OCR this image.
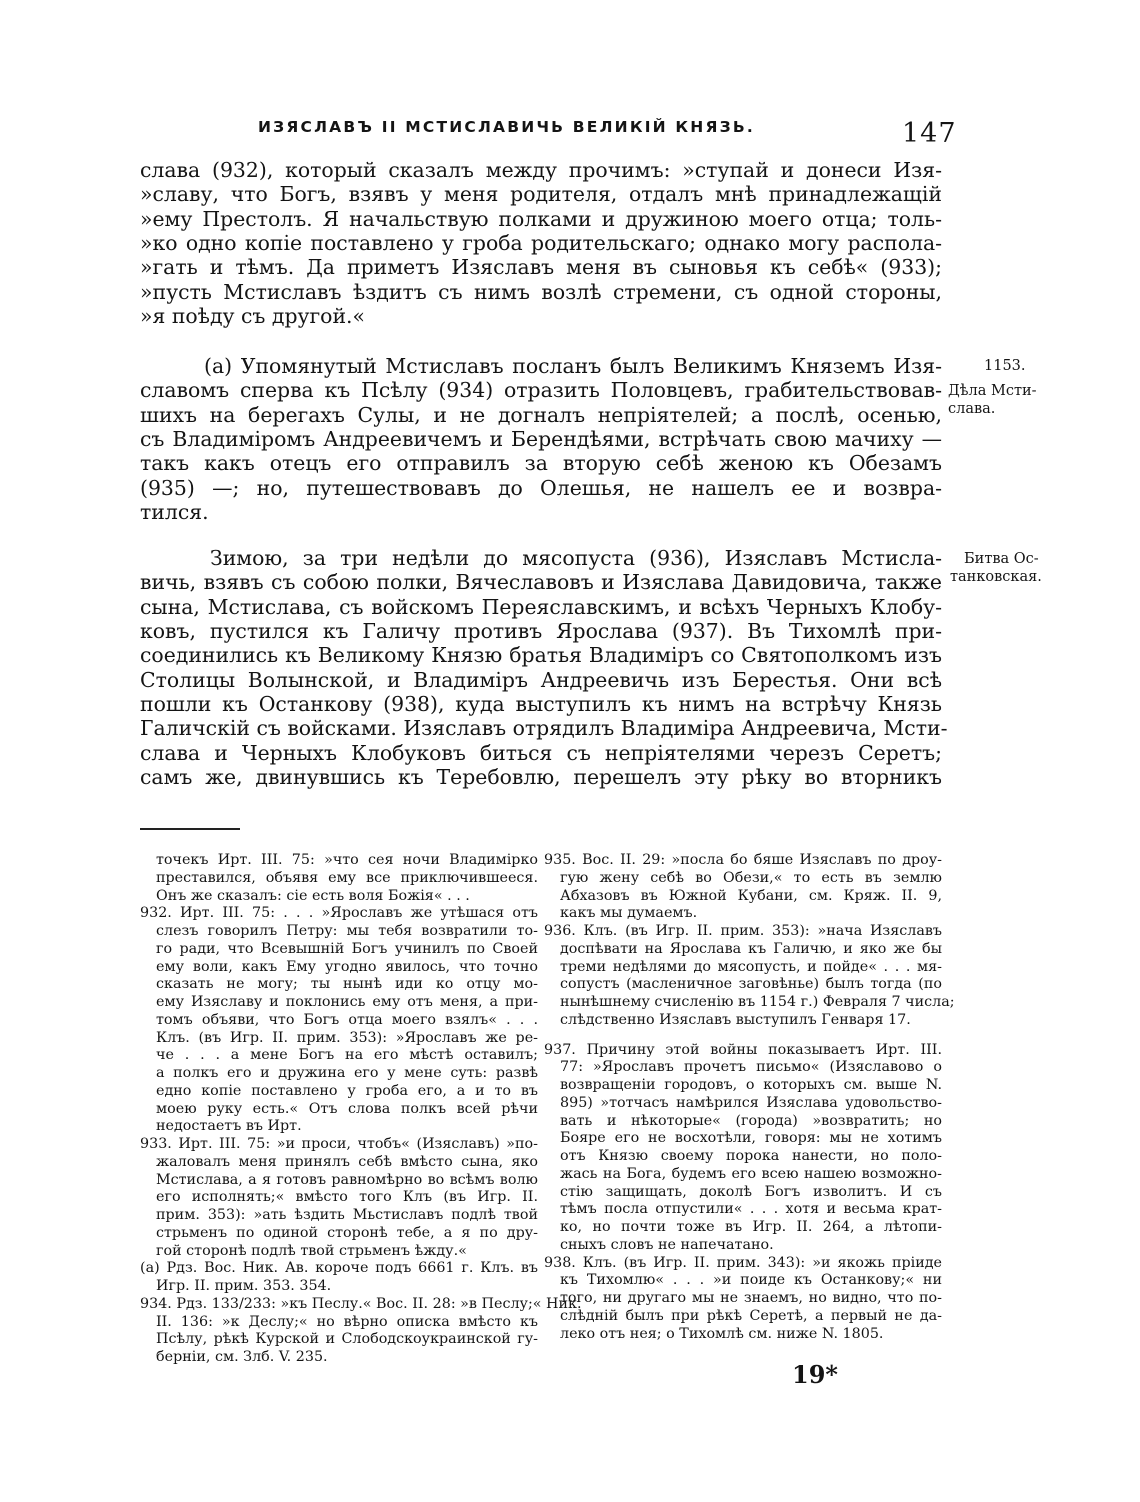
ИЗЯСЛАВЪ II МСТИСЛАВИЧЬ ВЕЛИКІЙ КНЯЗЬ.	147
слава (932), который сказалъ между прочимъ: »ступай и донеси Изя-
»славу, что Богъ, взявъ у меня родителя, отдалъ мнѣ принадлежащій
»ему Престолъ. Я начальствую полками и дружиною моего отца; толь-
»ко одно копіе поставлено у гроба родительскаго; однако могу распола-
»гать и тѣмъ. Да приметъ Изяславъ меня въ сыновья къ себѣ« (933);
»пусть Мстиславъ ѣздитъ съ нимъ возлѣ стремени, съ одной стороны,
»я поѣду съ другой.«
(а) Упомянутый Мстиславъ посланъ былъ Великимъ Княземъ Изя-
славомъ сперва къ Псѣлу (934) отразить Половцевъ, грабительствовав-
шихъ на берегахъ Сулы, и не догналъ непріятелей; а послѣ, осенью,
съ Владиміромъ Андреевичемъ и Берендѣями, встрѣчать свою мачиху —
такъ какъ отецъ его отправилъ за вторую себѣ женою къ Обезамъ
(935) —; но, путешествовавъ до Олешья, не нашелъ ее и возвра-
тился.
Зимою, за три недѣли до мясопуста (936), Изяславъ Мстисла-
вичь, взявъ съ собою полки, Вячеславовъ и Изяслава Давидовича, также
сына, Мстислава, съ войскомъ Переяславскимъ, и всѣхъ Черныхъ Клобу-
ковъ, пустился къ Галичу противъ Ярослава (937). Въ Тихомлѣ при-
соединились къ Великому Князю братья Владиміръ со Святополкомъ изъ
Столицы Волынской, и Владиміръ Андреевичь изъ Берестья. Они всѣ
пошли къ Останкову (938), куда выступилъ къ нимъ на встрѣчу Князь
Галичскій съ войсками. Изяславъ отрядилъ Владиміра Андреевича, Мсти-
слава и Черныхъ Клобуковъ биться съ непріятелями черезъ Серетъ;
самъ же, двинувшись къ Теребовлю, перешелъ эту рѣку во вторникъ
1153.
Дѣла Мсти-
слава.
Битва Ос-
танковская.
точекъ Ирт. III. 75: »что сея ночи Владимірко
преставился, объявя ему все приключившееся.
Онъ же сказалъ: сіе есть воля Божія« . . .
932. Ирт. III. 75: . . . »Ярославъ же утѣшася отъ
слезъ говорилъ Петру: мы тебя возвратили то-
го ради, что Всевышній Богъ учинилъ по Своей
ему воли, какъ Ему угодно явилось, что точно
сказать не могу; ты нынѣ иди ко отцу мо-
ему Изяславу и поклонись ему отъ меня, а при-
томъ объяви, что Богъ отца моего взялъ« . . .
Клъ. (въ Игр. II. прим. 353): »Ярославъ же ре-
че . . . а мене Богъ на его мѣстѣ оставилъ;
а полкъ его и дружина его у мене суть: развѣ
едно копіе поставлено у гроба его, а и то въ
моею руку есть.« Отъ слова полкъ всей рѣчи
недостаетъ въ Ирт.
933. Ирт. III. 75: »и проси, чтобъ« (Изяславъ) »по-
жаловалъ меня принялъ себѣ вмѣсто сына, яко
Мстислава, а я готовъ равномѣрно во всѣмъ волю
его исполнять;« вмѣсто того Клъ (въ Игр. II.
прим. 353): »ать ѣздить Мьстиславъ подлѣ твой
стрьменъ по одиной сторонѣ тебе, а я по дру-
гой сторонѣ подлѣ твой стрьменъ ѣжду.«
(а) Рдз. Вос. Ник. Ав. короче подъ 6661 г. Клъ. въ
Игр. II. прим. 353. 354.
934. Рдз. 133/233: »къ Песлу.« Вос. II. 28: »в Песлу;« Ник.
II. 136: »к Деслу;« но вѣрно описка вмѣсто къ
Псѣлу, рѣкѣ Курской и Слободскоукраинской гу-
берніи, см. Злб. V. 235.
935. Вос. II. 29: »посла бо бяше Изяславъ по дроу-
гую жену себѣ во Обези,« то есть въ землю
Абхазовъ въ Южной Кубани, см. Кряж. II. 9,
какъ мы думаемъ.
936. Клъ. (въ Игр. II. прим. 353): »нача Изяславъ
доспѣвати на Ярослава къ Галичю, и яко же бы
треми недѣлями до мясопусть, и пойде« . . . мя-
сопустъ (масленичное заговѣнье) былъ тогда (по
нынѣшнему счисленію въ 1154 г.) Февраля 7 числа;
слѣдственно Изяславъ выступилъ Генваря 17.
937. Причину этой войны показываетъ Ирт. III.
77: »Ярославъ прочетъ письмо« (Изяславово о
возвращеніи городовъ, о которыхъ см. выше N.
895) »тотчасъ намѣрился Изяслава удовольство-
вать и нѣкоторые« (города) »возвратить; но
Бояре его не восхотѣли, говоря: мы не хотимъ
отъ Князю своему порока нанести, но поло-
жась на Бога, будемъ его всею нашею возможно-
стію защищать, доколѣ Богъ изволитъ. И съ
тѣмъ посла отпустили« . . . хотя и весьма крат-
ко, но почти тоже въ Игр. II. 264, а лѣтопи-
сныхъ словъ не напечатано.
938. Клъ. (въ Игр. II. прим. 343): »и якожь пріиде
къ Тихомлю« . . . »и поиде къ Останкову;« ни
того, ни другаго мы не знаемъ, но видно, что по-
слѣдній былъ при рѣкѣ Серетѣ, а первый не да-
леко отъ нея; о Тихомлѣ см. ниже N. 1805.
19*
